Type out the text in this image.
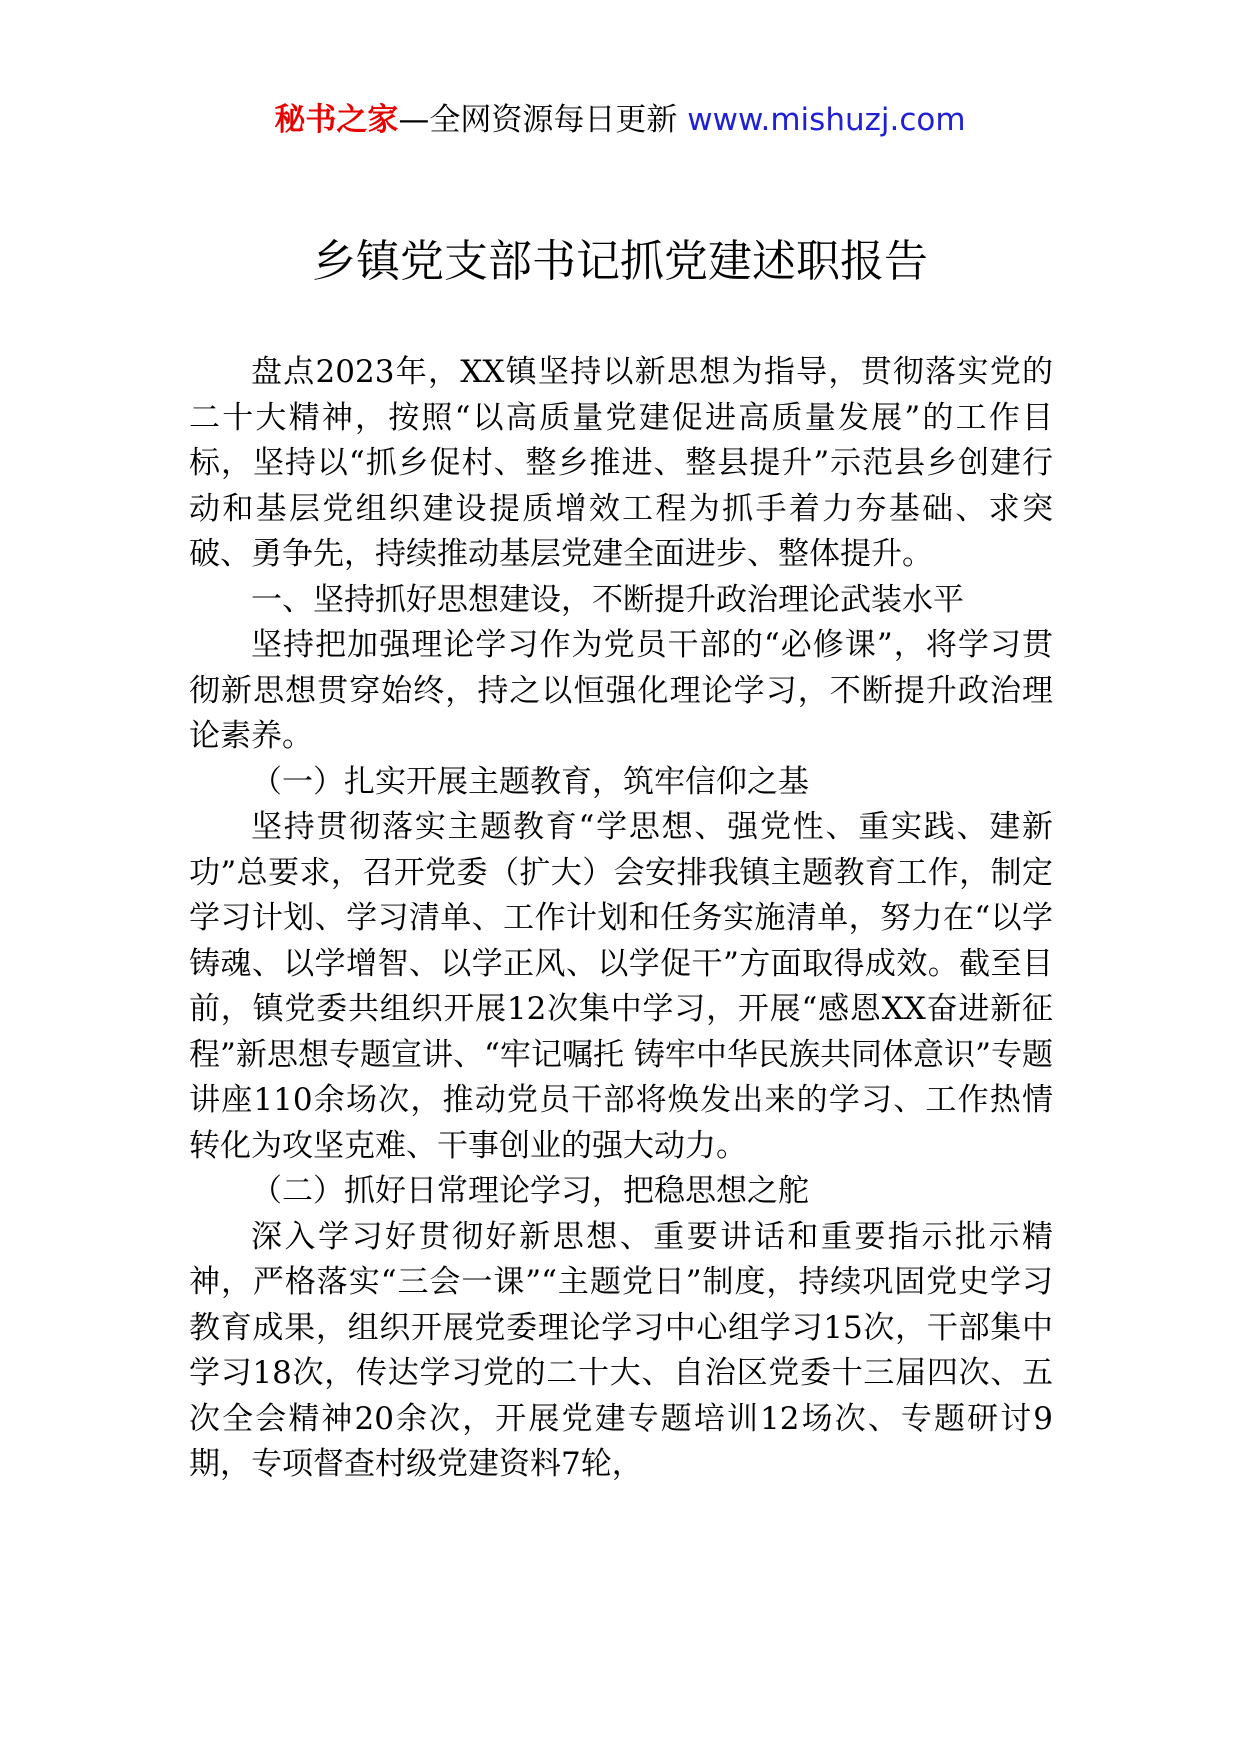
秘书之家—全网资源每日更新 www.mishuzj.com
乡镇党支部书记抓党建述职报告

盘点2023年，XX镇坚持以新思想为指导，贯彻落实党的二十大精神，按照“以高质量党建促进高质量发展”的工作目标，坚持以“抓乡促村、整乡推进、整县提升”示范县乡创建行动和基层党组织建设提质增效工程为抓手着力夯基础、求突破、勇争先，持续推动基层党建全面进步、整体提升。

一、坚持抓好思想建设，不断提升政治理论武装水平

坚持把加强理论学习作为党员干部的“必修课”，将学习贯彻新思想贯穿始终，持之以恒强化理论学习，不断提升政治理论素养。

（一）扎实开展主题教育，筑牢信仰之基

坚持贯彻落实主题教育“学思想、强党性、重实践、建新功”总要求，召开党委（扩大）会安排我镇主题教育工作，制定学习计划、学习清单、工作计划和任务实施清单，努力在“以学铸魂、以学增智、以学正风、以学促干”方面取得成效。截至目前，镇党委共组织开展12次集中学习，开展“感恩XX奋进新征程”新思想专题宣讲、“牢记嘱托 铸牢中华民族共同体意识”专题讲座110余场次，推动党员干部将焕发出来的学习、工作热情转化为攻坚克难、干事创业的强大动力。

（二）抓好日常理论学习，把稳思想之舵

深入学习好贯彻好新思想、重要讲话和重要指示批示精神，严格落实“三会一课”“主题党日”制度，持续巩固党史学习教育成果，组织开展党委理论学习中心组学习15次，干部集中学习18次，传达学习党的二十大、自治区党委十三届四次、五次全会精神20余次，开展党建专题培训12场次、专题研讨9期，专项督查村级党建资料7轮，
